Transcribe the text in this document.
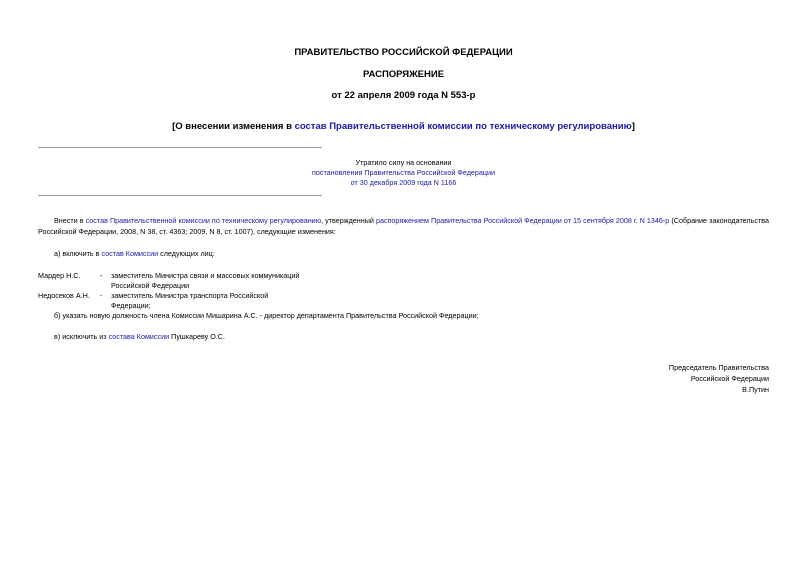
ПРАВИТЕЛЬСТВО РОССИЙСКОЙ ФЕДЕРАЦИИ
РАСПОРЯЖЕНИЕ
от 22 апреля 2009 года N 553-р
[О внесении изменения в состав Правительственной комиссии по техническому регулированию]
Утратило силу на основании
постановления Правительства Российской Федерации
от 30 декабря 2009 года N 1166
Внести в состав Правительственной комиссии по техническому регулированию, утвержденный распоряжением Правительства Российской Федерации от 15 сентября 2008 г. N 1346-р (Собрание законодательства Российской Федерации, 2008, N 38, ст. 4363; 2009, N 8, ст. 1007), следующие изменения:
а) включить в состав Комиссии следующих лиц:
Мардер Н.С.	- заместитель Министра связи и массовых коммуникаций
Российской Федерации
Недосеков А.Н. - заместитель Министра транспорта Российской
Федерации;
б) указать новую должность члена Комиссии Мишарина А.С. - директор департамента Правительства Российской Федерации;
в) исключить из состава Комиссии Пушкареву О.С.
Председатель Правительства
Российской Федерации
В.Путин
